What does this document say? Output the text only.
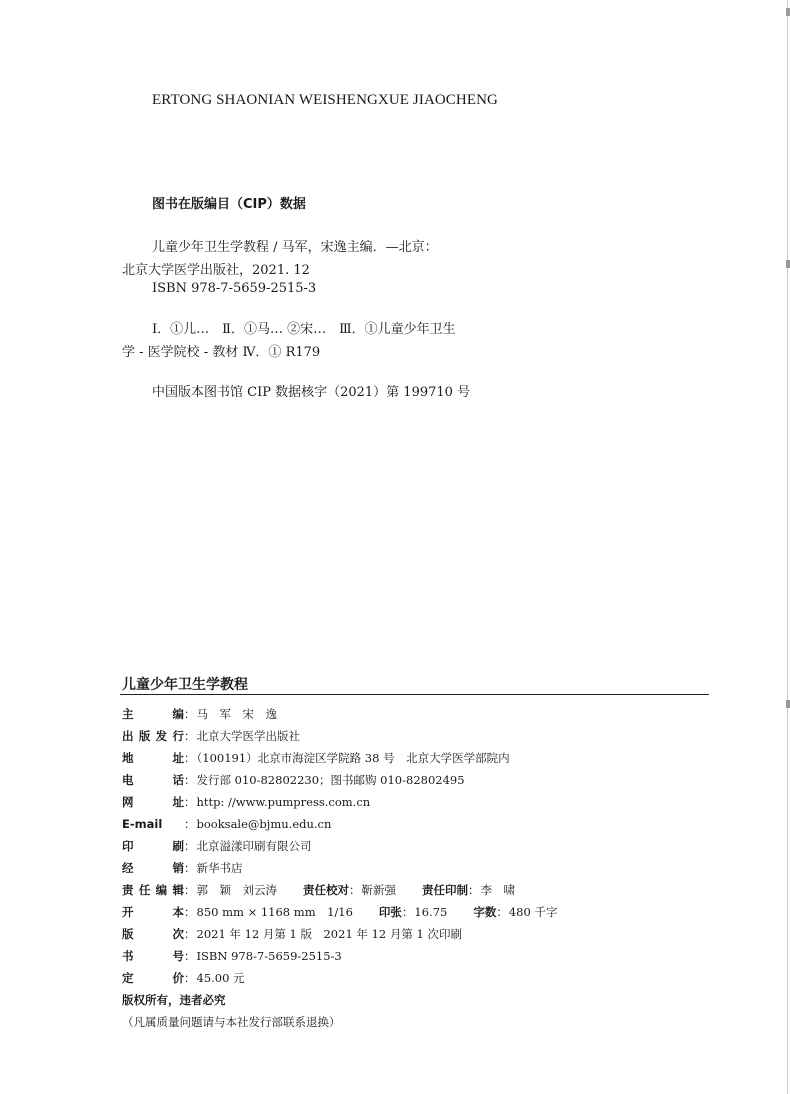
ERTONG SHAONIAN WEISHENGXUE JIAOCHENG
图书在版编目（CIP）数据
儿童少年卫生学教程 / 马军，宋逸主编．—北京：
北京大学医学出版社，2021. 12
ISBN 978-7-5659-2515-3
Ⅰ．①儿…　Ⅱ．①马… ②宋…　Ⅲ．①儿童少年卫生
学 - 医学院校 - 教材 Ⅳ．① R179
中国版本图书馆 CIP 数据核字（2021）第 199710 号
儿童少年卫生学教程
主　　编：马　军　宋　逸
出版发行：北京大学医学出版社
地　　址：（100191）北京市海淀区学院路 38 号　北京大学医学部院内
电　　话：发行部 010-82802230；图书邮购 010-82802495
网　　址：http: //www.pumpress.com.cn
E-mail ：booksale@bjmu.edu.cn
印　　刷：北京溢漾印刷有限公司
经　　销：新华书店
责任编辑：郭　颖　刘云涛 责任校对：靳新强 责任印制：李　啸
开　　本：850 mm × 1168 mm　1/16 印张：16.75 字数：480 千字
版　　次：2021 年 12 月第 1 版　2021 年 12 月第 1 次印刷
书　　号：ISBN 978-7-5659-2515-3
定　　价：45.00 元
版权所有，违者必究
（凡属质量问题请与本社发行部联系退换）
